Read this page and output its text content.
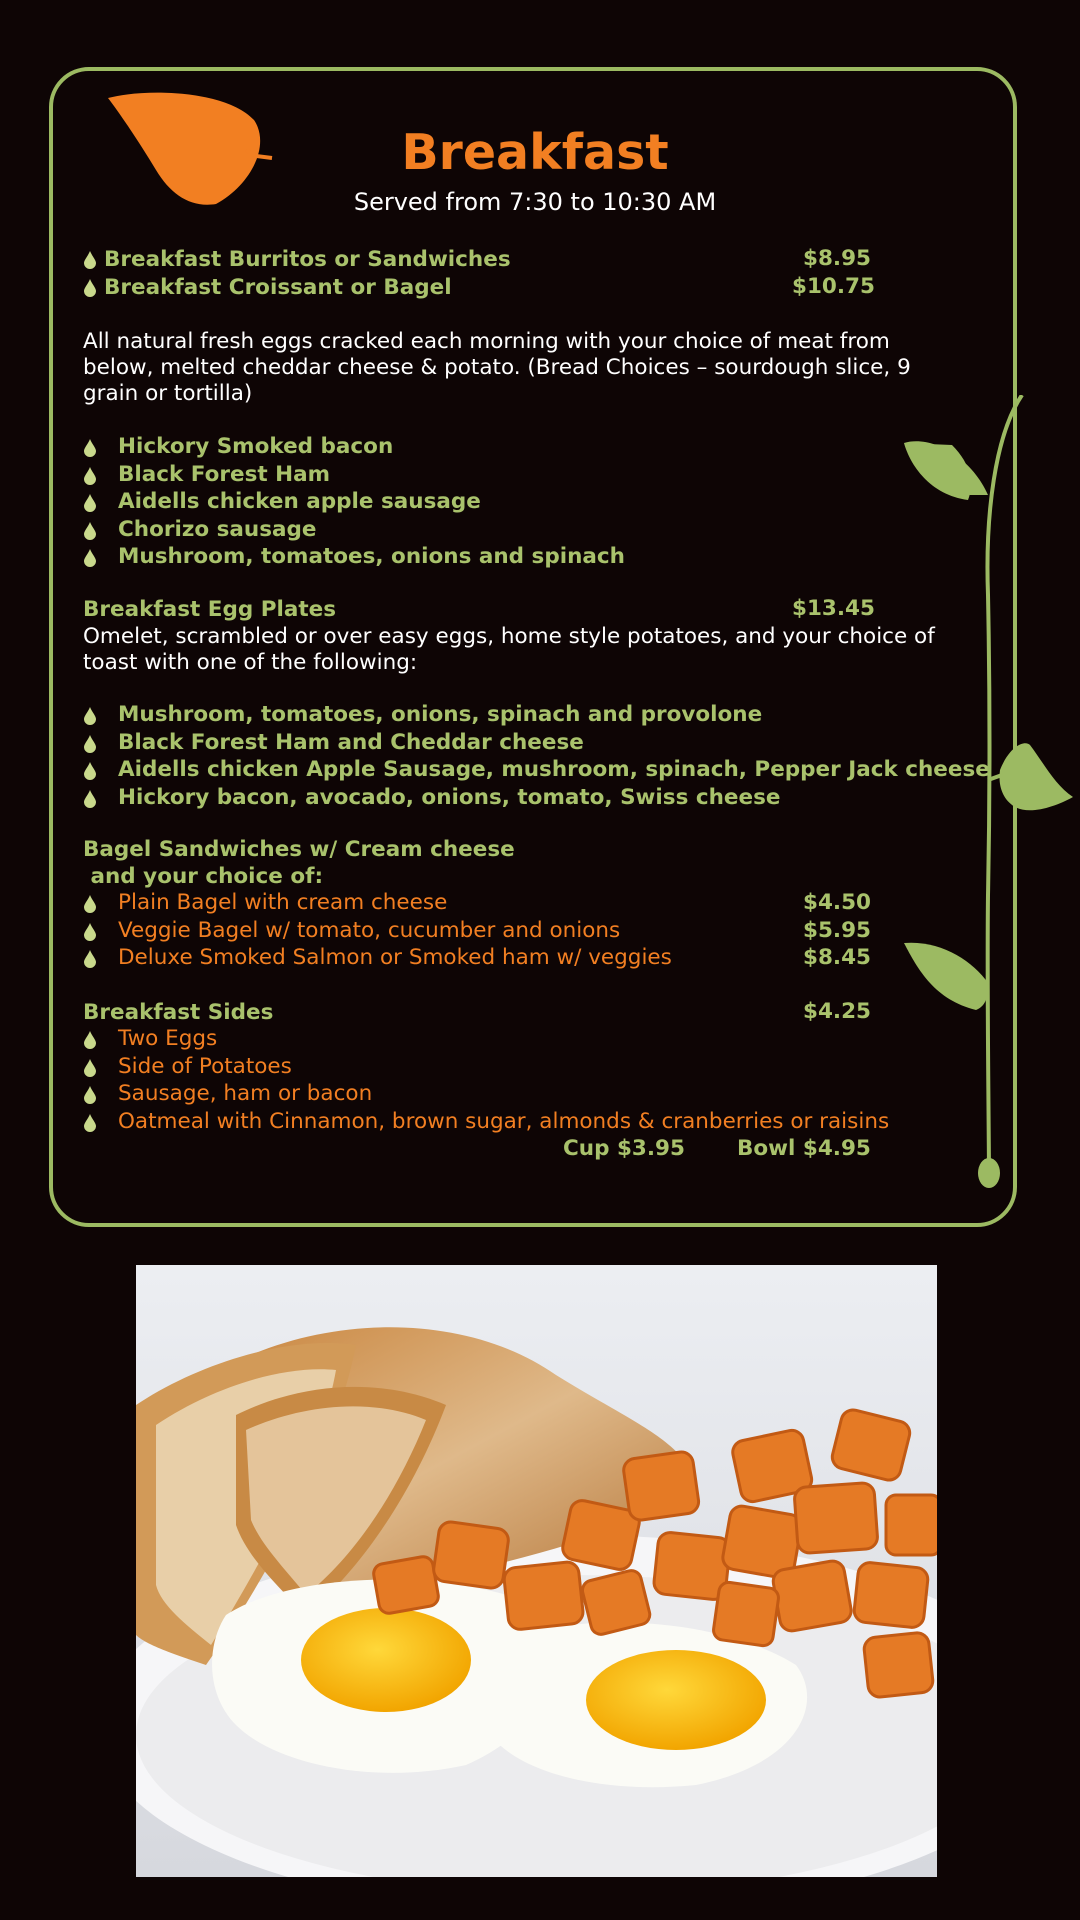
Breakfast
Served from 7:30 to 10:30 AM
Breakfast Burritos or Sandwiches	$8.95
Breakfast Croissant or Bagel	$10.75
All natural fresh eggs cracked each morning with your choice of meat from below, melted cheddar cheese & potato. (Bread Choices – sourdough slice, 9 grain or tortilla)
Hickory Smoked bacon
Black Forest Ham
Aidells chicken apple sausage
Chorizo sausage
Mushroom, tomatoes, onions and spinach
Breakfast Egg Plates	$13.45
Omelet, scrambled or over easy eggs, home style potatoes, and your choice of toast with one of the following:
Mushroom, tomatoes, onions, spinach and provolone
Black Forest Ham and Cheddar cheese
Aidells chicken Apple Sausage, mushroom, spinach, Pepper Jack cheese
Hickory bacon, avocado, onions, tomato, Swiss cheese
Bagel Sandwiches w/ Cream cheese
and your choice of:
Plain Bagel with cream cheese	$4.50
Veggie Bagel w/ tomato, cucumber and onions	$5.95
Deluxe Smoked Salmon or Smoked ham w/ veggies	$8.45
Breakfast Sides	$4.25
Two Eggs
Side of Potatoes
Sausage, ham or bacon
Oatmeal with Cinnamon, brown sugar, almonds & cranberries or raisins
Cup $3.95 Bowl $4.95
